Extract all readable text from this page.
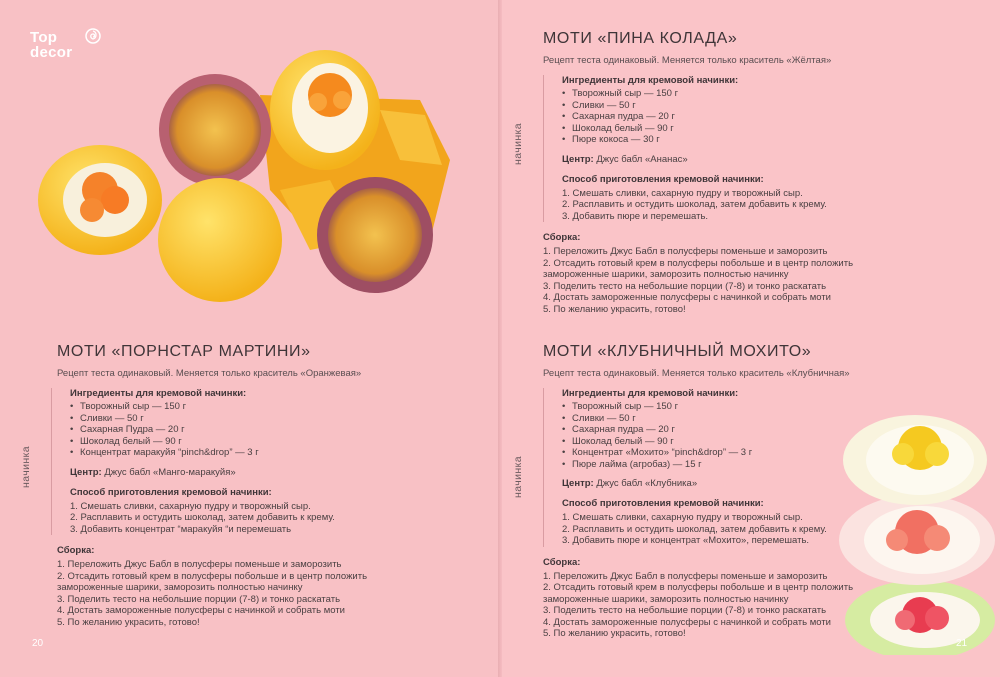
Top
decor
МОТИ «ПИНА КОЛАДА»
Рецепт теста одинаковый. Меняется только краситель «Жёлтая»
начинка
Ингредиенты для кремовой начинки:
• Творожный сыр — 150 г
• Сливки — 50 г
• Сахарная пудра — 20 г
• Шоколад белый — 90 г
• Пюре кокоса — 30 г
Центр: Джус бабл «Ананас»
Способ приготовления кремовой начинки:
1. Смешать сливки, сахарную пудру и творожный сыр.
2. Расплавить и остудить шоколад, затем добавить к крему.
3. Добавить пюре и перемешать.
Сборка:
1. Переложить Джус Бабл в полусферы поменьше и заморозить
2. Отсадить готовый крем в полусферы побольше и в центр положить замороженные шарики, заморозить полностью начинку
3. Поделить тесто на небольшие порции (7-8) и тонко раскатать
4. Достать замороженные полусферы с начинкой и собрать моти
5. По желанию украсить, готово!
МОТИ «ПОРНСТАР МАРТИНИ»
Рецепт теста одинаковый. Меняется только краситель «Оранжевая»
начинка
Ингредиенты для кремовой начинки:
• Творожный сыр — 150 г
• Сливки — 50 г
• Сахарная Пудра — 20 г
• Шоколад белый — 90 г
• Концентрат маракуйя “pinch&drop” — 3 г
Центр: Джус бабл «Манго-маракуйя»
Способ приготовления кремовой начинки:
1. Смешать сливки, сахарную пудру и творожный сыр.
2. Расплавить и остудить шоколад, затем добавить к крему.
3. Добавить концентрат “маракуйя “и перемешать
Сборка:
1. Переложить Джус Бабл в полусферы поменьше и заморозить
2. Отсадить готовый крем в полусферы побольше и в центр положить замороженные шарики, заморозить полностью начинку
3. Поделить тесто на небольшие порции (7-8) и тонко раскатать
4. Достать замороженные полусферы с начинкой и собрать моти
5. По желанию украсить, готово!
МОТИ «КЛУБНИЧНЫЙ МОХИТО»
Рецепт теста одинаковый. Меняется только краситель «Клубничная»
начинка
Ингредиенты для кремовой начинки:
• Творожный сыр — 150 г
• Сливки — 50 г
• Сахарная пудра — 20 г
• Шоколад белый — 90 г
• Концентрат «Мохито» “pinch&drop” — 3 г
• Пюре лайма (агробаз) — 15 г
Центр: Джус бабл «Клубника»
Способ приготовления кремовой начинки:
1. Смешать сливки, сахарную пудру и творожный сыр.
2. Расплавить и остудить шоколад, затем добавить к крему.
3. Добавить пюре и концентрат «Мохито», перемешать.
Сборка:
1. Переложить Джус Бабл в полусферы поменьше и заморозить
2. Отсадить готовый крем в полусферы побольше и в центр положить замороженные шарики, заморозить полностью начинку
3. Поделить тесто на небольшие порции (7-8) и тонко раскатать
4. Достать замороженные полусферы с начинкой и собрать моти
5. По желанию украсить, готово!
20	21
